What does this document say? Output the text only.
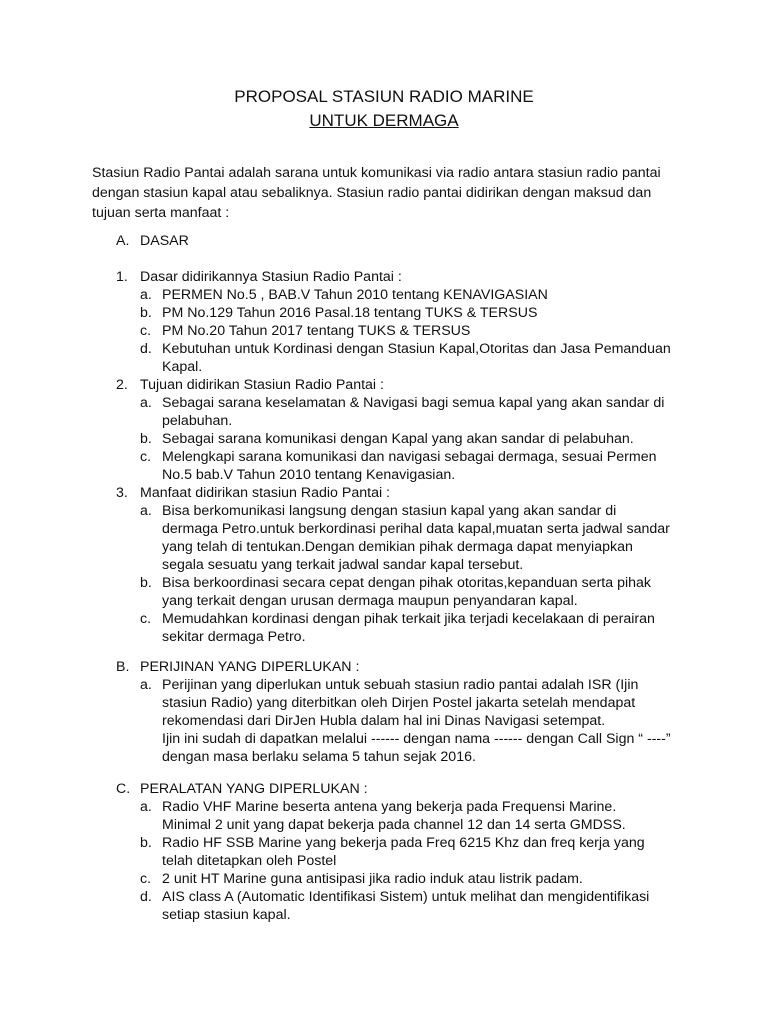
PROPOSAL STASIUN RADIO MARINE
UNTUK DERMAGA

Stasiun Radio Pantai adalah sarana untuk komunikasi via radio antara stasiun radio pantai

dengan stasiun kapal atau sebaliknya. Stasiun radio pantai didirikan dengan maksud dan

tujuan serta manfaat :

A. DASAR
1. Dasar didirikannya Stasiun Radio Pantai :
a. PERMEN No.5 , BAB.V Tahun 2010 tentang KENAVIGASIAN
b. PM No.129 Tahun 2016 Pasal.18 tentang TUKS & TERSUS
c. PM No.20 Tahun 2017 tentang TUKS & TERSUS
d. Kebutuhan untuk Kordinasi dengan Stasiun Kapal,Otoritas dan Jasa Pemanduan
Kapal.
2. Tujuan didirikan Stasiun Radio Pantai :
a. Sebagai sarana keselamatan & Navigasi bagi semua kapal yang akan sandar di
pelabuhan.
b. Sebagai sarana komunikasi dengan Kapal yang akan sandar di pelabuhan.
c. Melengkapi sarana komunikasi dan navigasi sebagai dermaga, sesuai Permen
No.5 bab.V Tahun 2010 tentang Kenavigasian.
3. Manfaat didirikan stasiun Radio Pantai :
a. Bisa berkomunikasi langsung dengan stasiun kapal yang akan sandar di
dermaga Petro.untuk berkordinasi perihal data kapal,muatan serta jadwal sandar
yang telah di tentukan.Dengan demikian pihak dermaga dapat menyiapkan
segala sesuatu yang terkait jadwal sandar kapal tersebut.
b. Bisa berkoordinasi secara cepat dengan pihak otoritas,kepanduan serta pihak
yang terkait dengan urusan dermaga maupun penyandaran kapal.
c. Memudahkan kordinasi dengan pihak terkait jika terjadi kecelakaan di perairan
sekitar dermaga Petro.
B. PERIJINAN YANG DIPERLUKAN :
a. Perijinan yang diperlukan untuk sebuah stasiun radio pantai adalah ISR (Ijin
stasiun Radio) yang diterbitkan oleh Dirjen Postel jakarta setelah mendapat
rekomendasi dari DirJen Hubla dalam hal ini Dinas Navigasi setempat.
Ijin ini sudah di dapatkan melalui ------ dengan nama ------ dengan Call Sign “ ----”
dengan masa berlaku selama 5 tahun sejak 2016.
C. PERALATAN YANG DIPERLUKAN :
a. Radio VHF Marine beserta antena yang bekerja pada Frequensi Marine.
Minimal 2 unit yang dapat bekerja pada channel 12 dan 14 serta GMDSS.
b. Radio HF SSB Marine yang bekerja pada Freq 6215 Khz dan freq kerja yang
telah ditetapkan oleh Postel
c. 2 unit HT Marine guna antisipasi jika radio induk atau listrik padam.
d. AIS class A (Automatic Identifikasi Sistem) untuk melihat dan mengidentifikasi
setiap stasiun kapal.
